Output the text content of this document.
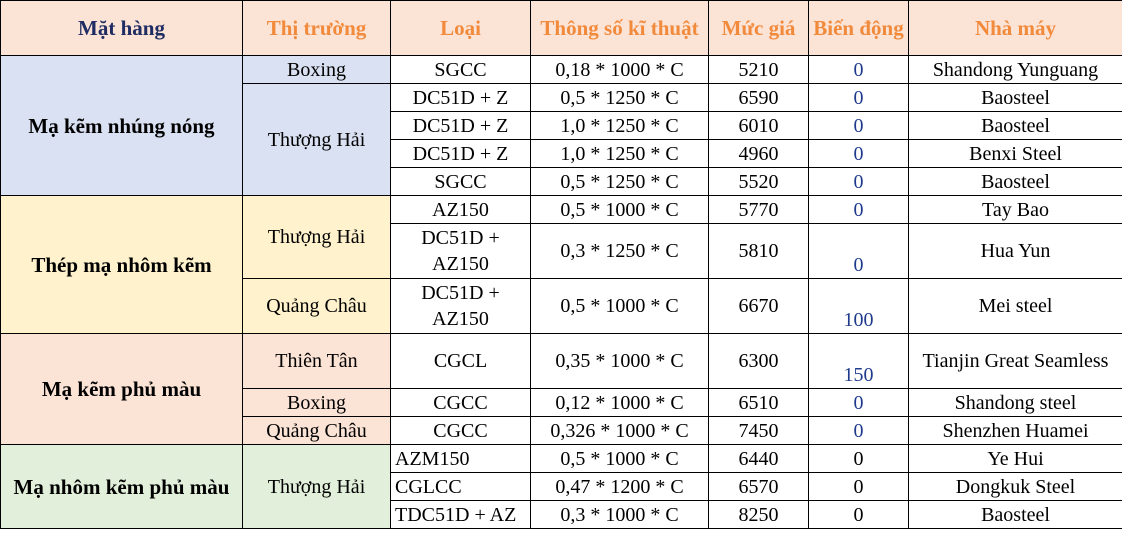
Mặt hàng	Thị trường	Loại	Thông số kĩ thuật	Mức giá	Biến động	Nhà máy
Mạ kẽm nhúng nóng	Boxing	SGCC	0,18 * 1000 * C	5210	0	Shandong Yunguang
	Thượng Hải	DC51D + Z	0,5 * 1250 * C	6590	0	Baosteel
		DC51D + Z	1,0 * 1250 * C	6010	0	Baosteel
		DC51D + Z	1,0 * 1250 * C	4960	0	Benxi Steel
		SGCC	0,5 * 1250 * C	5520	0	Baosteel
Thép mạ nhôm kẽm	Thượng Hải	AZ150	0,5 * 1000 * C	5770	0	Tay Bao
		DC51D + AZ150	0,3 * 1250 * C	5810	0	Hua Yun
	Quảng Châu	DC51D + AZ150	0,5 * 1000 * C	6670	100	Mei steel
Mạ kẽm phủ màu	Thiên Tân	CGCL	0,35 * 1000 * C	6300	150	Tianjin Great Seamless
	Boxing	CGCC	0,12 * 1000 * C	6510	0	Shandong steel
	Quảng Châu	CGCC	0,326 * 1000 * C	7450	0	Shenzhen Huamei
Mạ nhôm kẽm phủ màu	Thượng Hải	AZM150	0,5 * 1000 * C	6440	0	Ye Hui
		CGLCC	0,47 * 1200 * C	6570	0	Dongkuk Steel
		TDC51D + AZ	0,3 * 1000 * C	8250	0	Baosteel
